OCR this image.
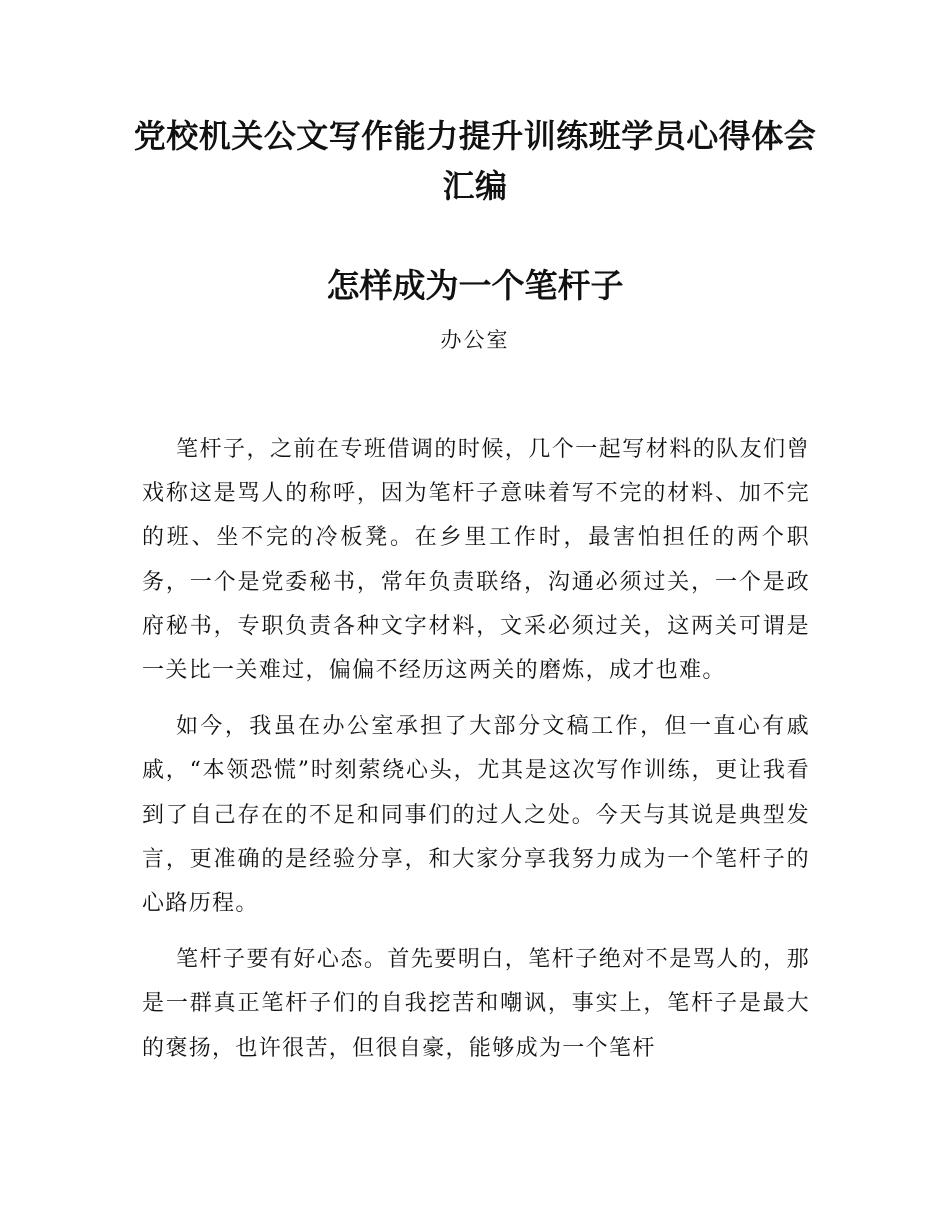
党校机关公文写作能力提升训练班学员心得体会汇编
怎样成为一个笔杆子
办公室

笔杆子，之前在专班借调的时候，几个一起写材料的队友们曾戏称这是骂人的称呼，因为笔杆子意味着写不完的材料、加不完的班、坐不完的冷板凳。在乡里工作时，最害怕担任的两个职务，一个是党委秘书，常年负责联络，沟通必须过关，一个是政府秘书，专职负责各种文字材料，文采必须过关，这两关可谓是一关比一关难过，偏偏不经历这两关的磨炼，成才也难。

如今，我虽在办公室承担了大部分文稿工作，但一直心有戚戚，“本领恐慌”时刻萦绕心头，尤其是这次写作训练，更让我看到了自己存在的不足和同事们的过人之处。今天与其说是典型发言，更准确的是经验分享，和大家分享我努力成为一个笔杆子的心路历程。

笔杆子要有好心态。首先要明白，笔杆子绝对不是骂人的，那是一群真正笔杆子们的自我挖苦和嘲讽，事实上，笔杆子是最大的褒扬，也许很苦，但很自豪，能够成为一个笔杆
